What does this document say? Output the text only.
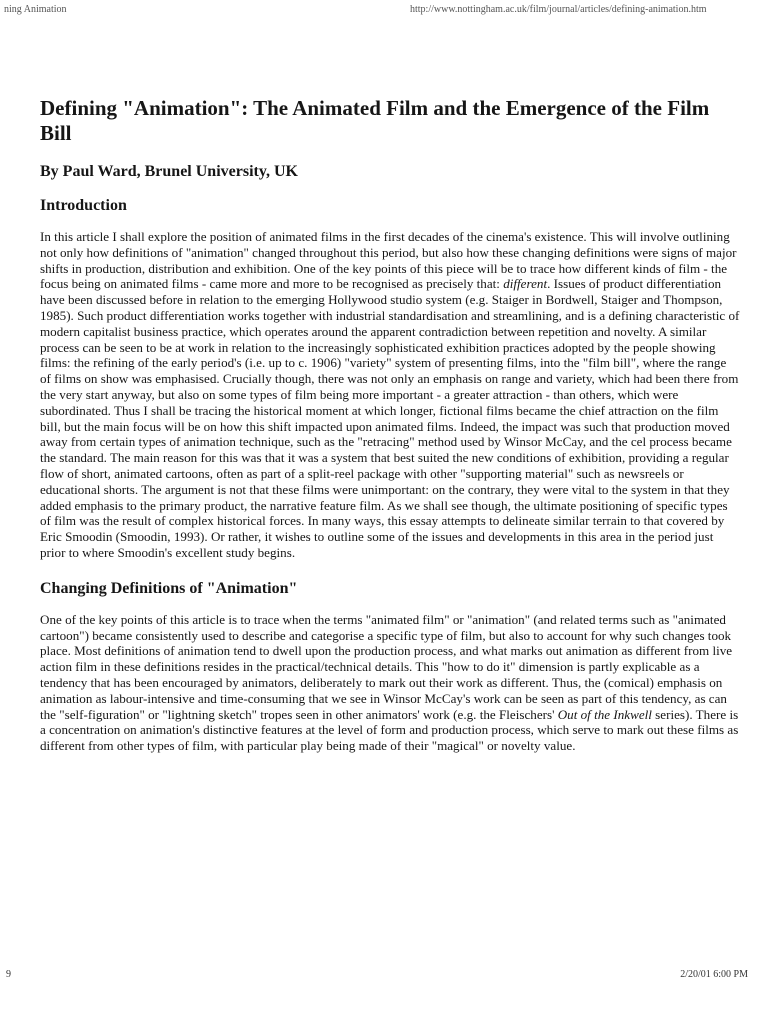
ning Animation	http://www.nottingham.ac.uk/film/journal/articles/defining-animation.htm
Defining "Animation": The Animated Film and the Emergence of the Film Bill
By Paul Ward, Brunel University, UK
Introduction

In this article I shall explore the position of animated films in the first decades of the cinema's existence. This will involve outlining not only how definitions of "animation" changed throughout this period, but also how these changing definitions were signs of major shifts in production, distribution and exhibition. One of the key points of this piece will be to trace how different kinds of film - the focus being on animated films - came more and more to be recognised as precisely that: different. Issues of product differentiation have been discussed before in relation to the emerging Hollywood studio system (e.g. Staiger in Bordwell, Staiger and Thompson, 1985). Such product differentiation works together with industrial standardisation and streamlining, and is a defining characteristic of modern capitalist business practice, which operates around the apparent contradiction between repetition and novelty. A similar process can be seen to be at work in relation to the increasingly sophisticated exhibition practices adopted by the people showing films: the refining of the early period's (i.e. up to c. 1906) "variety" system of presenting films, into the "film bill", where the range of films on show was emphasised. Crucially though, there was not only an emphasis on range and variety, which had been there from the very start anyway, but also on some types of film being more important - a greater attraction - than others, which were subordinated. Thus I shall be tracing the historical moment at which longer, fictional films became the chief attraction on the film bill, but the main focus will be on how this shift impacted upon animated films. Indeed, the impact was such that production moved away from certain types of animation technique, such as the "retracing" method used by Winsor McCay, and the cel process became the standard. The main reason for this was that it was a system that best suited the new conditions of exhibition, providing a regular flow of short, animated cartoons, often as part of a split-reel package with other "supporting material" such as newsreels or educational shorts. The argument is not that these films were unimportant: on the contrary, they were vital to the system in that they added emphasis to the primary product, the narrative feature film. As we shall see though, the ultimate positioning of specific types of film was the result of complex historical forces. In many ways, this essay attempts to delineate similar terrain to that covered by Eric Smoodin (Smoodin, 1993). Or rather, it wishes to outline some of the issues and developments in this area in the period just prior to where Smoodin's excellent study begins.

Changing Definitions of "Animation"

One of the key points of this article is to trace when the terms "animated film" or "animation" (and related terms such as "animated cartoon") became consistently used to describe and categorise a specific type of film, but also to account for why such changes took place. Most definitions of animation tend to dwell upon the production process, and what marks out animation as different from live action film in these definitions resides in the practical/technical details. This "how to do it" dimension is partly explicable as a tendency that has been encouraged by animators, deliberately to mark out their work as different. Thus, the (comical) emphasis on animation as labour-intensive and time-consuming that we see in Winsor McCay's work can be seen as part of this tendency, as can the "self-figuration" or "lightning sketch" tropes seen in other animators' work (e.g. the Fleischers' Out of the Inkwell series). There is a concentration on animation's distinctive features at the level of form and production process, which serve to mark out these films as different from other types of film, with particular play being made of their "magical" or novelty value.

9	2/20/01 6:00 PM
